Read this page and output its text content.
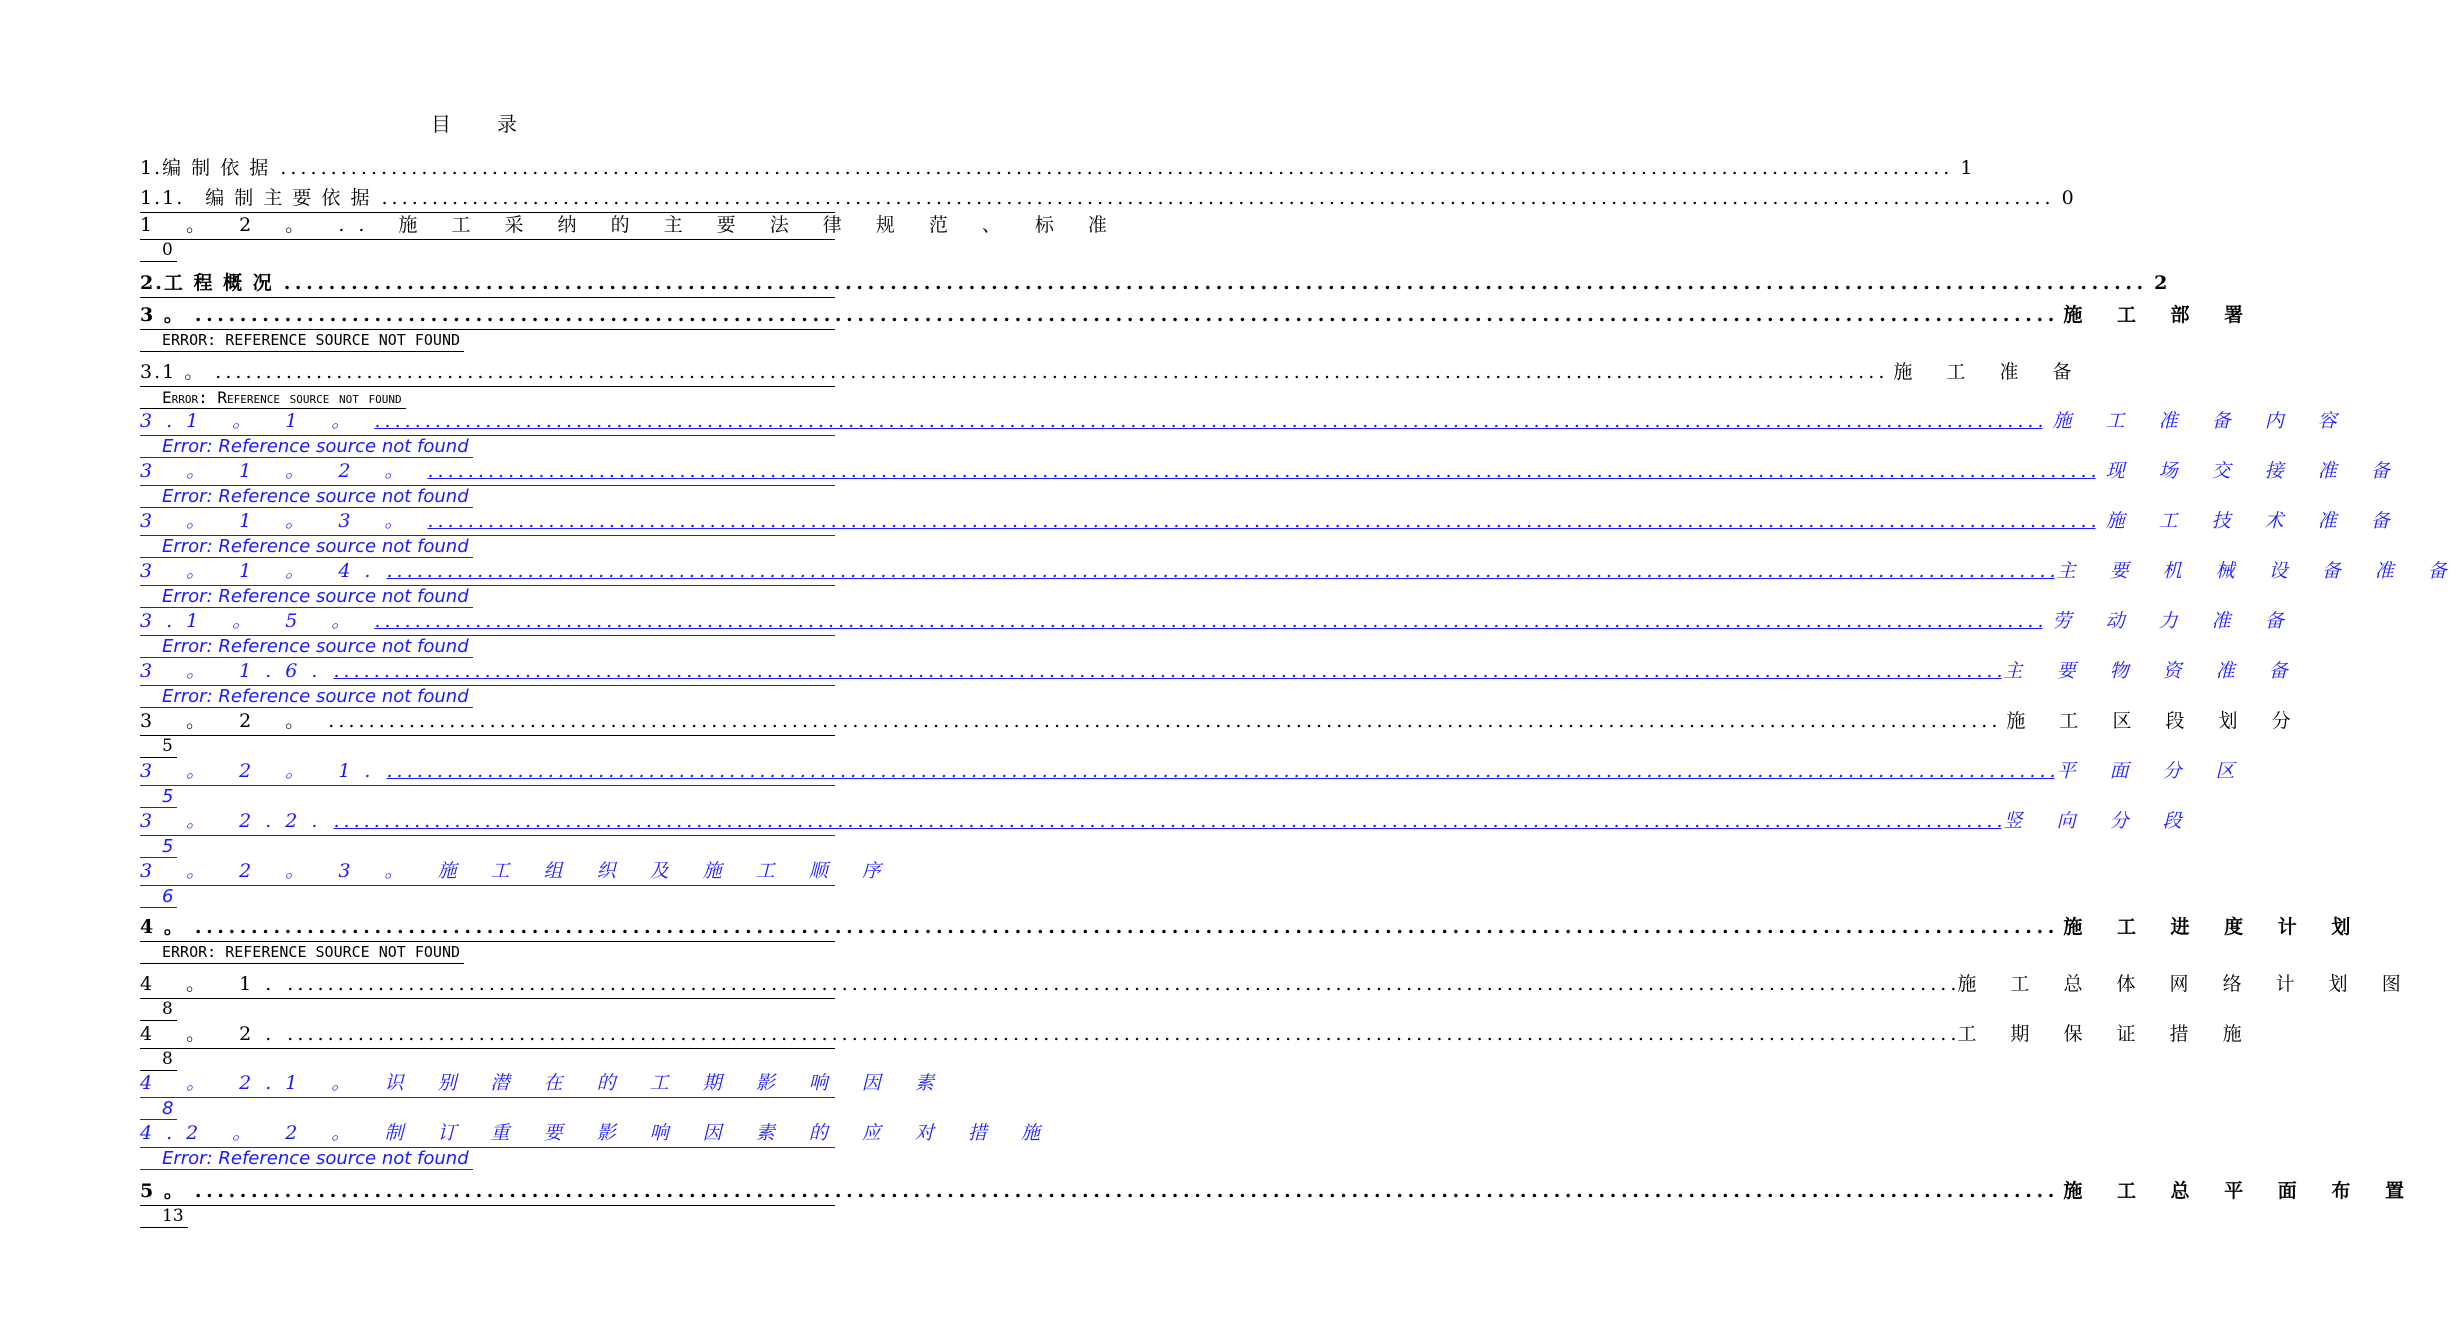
目　　录
1.编 制 依 据 . . .	1
1.1.　编 制 主 要 依 据 . . .	0
1 。 2 。 .. 施 工 采 纳 的 主 要 法 律 规 范 、 标 准
0
2.工 程 概 况 . . .	2
3 。 . . .	施 工 部 署
ERROR: REFERENCE SOURCE NOT FOUND
3.1 。 . . .	施 工 准 备
Error: Reference source not found
3.1 。 1 。 . . .	施 工 准 备 内 容
Error: Reference source not found
3 。 1 。 2 。 . . .	现 场 交 接 准 备
Error: Reference source not found
3 。 1 。 3 。 . . .	施 工 技 术 准 备
Error: Reference source not found
3 。 1 。 4. . . .	主 要 机 械 设 备 准 备
Error: Reference source not found
3.1 。 5 。 . . .	劳 动 力 准 备
Error: Reference source not found
3 。 1.6. . . .	主 要 物 资 准 备
Error: Reference source not found
3 。 2 。 . . .	施 工 区 段 划 分
5
3 。 2 。 1. . . .	平 面 分 区
5
3 。 2.2. . . .	竖 向 分 段
5
3 。 2 。 3 。 施 工 组 织 及 施 工 顺 序
6
4 。 . . .	施 工 进 度 计 划
ERROR: REFERENCE SOURCE NOT FOUND
4 。 1. . . .	施 工 总 体 网 络 计 划 图
8
4 。 2. . . .	工 期 保 证 措 施
8
4 。 2.1 。 识 别 潜 在 的 工 期 影 响 因 素
8
4.2 。 2 。 制 订 重 要 影 响 因 素 的 应 对 措 施
Error: Reference source not found
5 。 . . .	施 工 总 平 面 布 置
13
